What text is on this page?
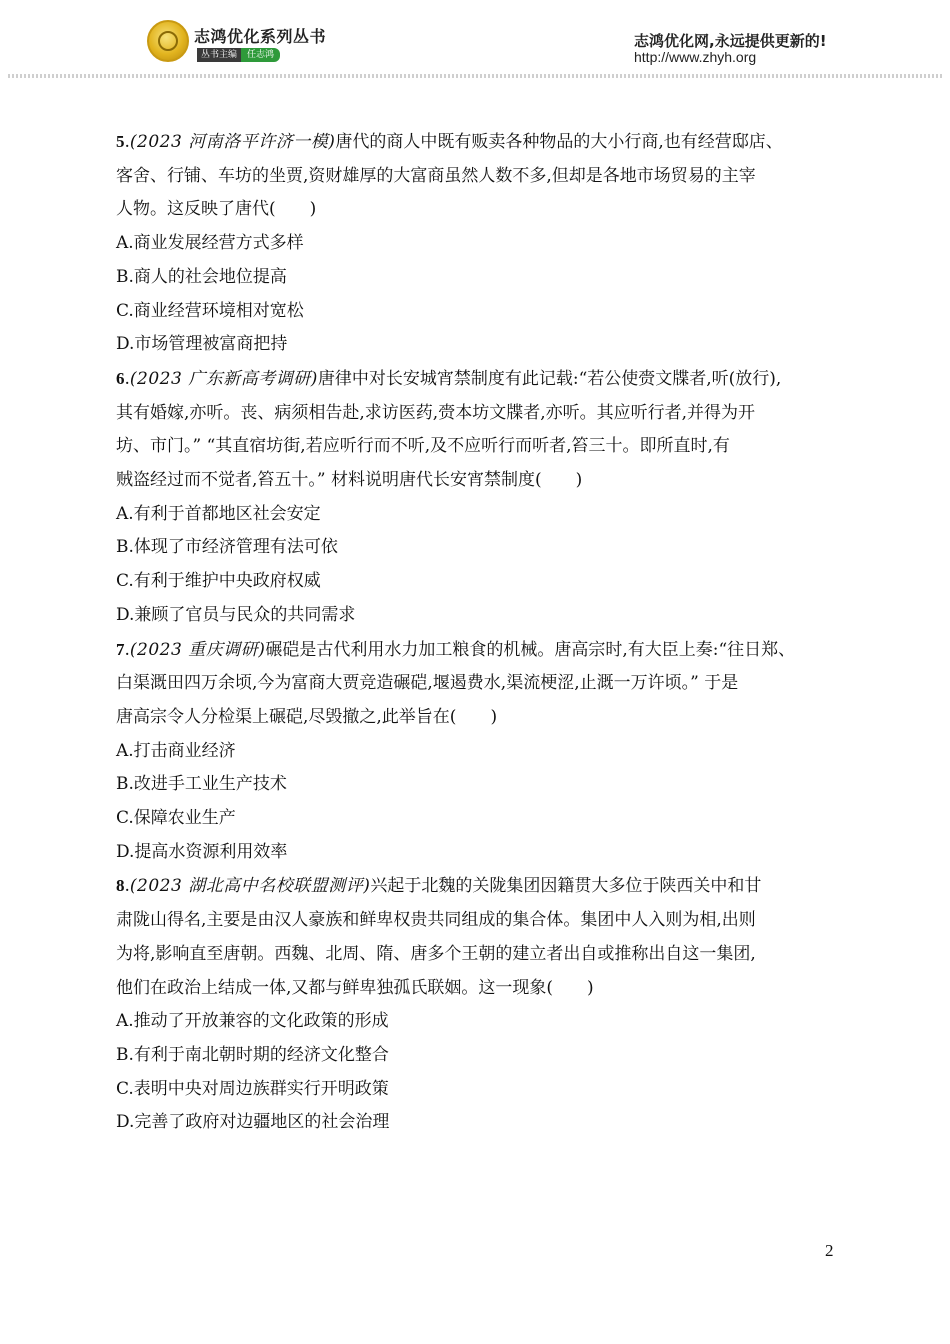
志鸿优化系列丛书
丛书主编	任志鸿
志鸿优化网,永远提供更新的!
http://www.zhyh.org
5.(2023 河南洛平许济一模)唐代的商人中既有贩卖各种物品的大小行商,也有经营邸店、
客舍、行铺、车坊的坐贾,资财雄厚的大富商虽然人数不多,但却是各地市场贸易的主宰
人物。这反映了唐代(　　)
A.商业发展经营方式多样
B.商人的社会地位提高
C.商业经营环境相对宽松
D.市场管理被富商把持
6.(2023 广东新高考调研)唐律中对长安城宵禁制度有此记载:“若公使赍文牒者,听(放行),
其有婚嫁,亦听。丧、病须相告赴,求访医药,赍本坊文牒者,亦听。其应听行者,并得为开
坊、市门。” “其直宿坊街,若应听行而不听,及不应听行而听者,笞三十。即所直时,有
贼盗经过而不觉者,笞五十。” 材料说明唐代长安宵禁制度(　　)
A.有利于首都地区社会安定
B.体现了市经济管理有法可依
C.有利于维护中央政府权威
D.兼顾了官员与民众的共同需求
7.(2023 重庆调研)碾硙是古代利用水力加工粮食的机械。唐高宗时,有大臣上奏:“往日郑、
白渠溉田四万余顷,今为富商大贾竞造碾硙,堰遏费水,渠流梗涩,止溉一万许顷。” 于是
唐高宗令人分检渠上碾硙,尽毁撤之,此举旨在(　　)
A.打击商业经济
B.改进手工业生产技术
C.保障农业生产
D.提高水资源利用效率
8.(2023 湖北高中名校联盟测评)兴起于北魏的关陇集团因籍贯大多位于陕西关中和甘
肃陇山得名,主要是由汉人豪族和鲜卑权贵共同组成的集合体。集团中人入则为相,出则
为将,影响直至唐朝。西魏、北周、隋、唐多个王朝的建立者出自或推称出自这一集团,
他们在政治上结成一体,又都与鲜卑独孤氏联姻。这一现象(　　)
A.推动了开放兼容的文化政策的形成
B.有利于南北朝时期的经济文化整合
C.表明中央对周边族群实行开明政策
D.完善了政府对边疆地区的社会治理
2
